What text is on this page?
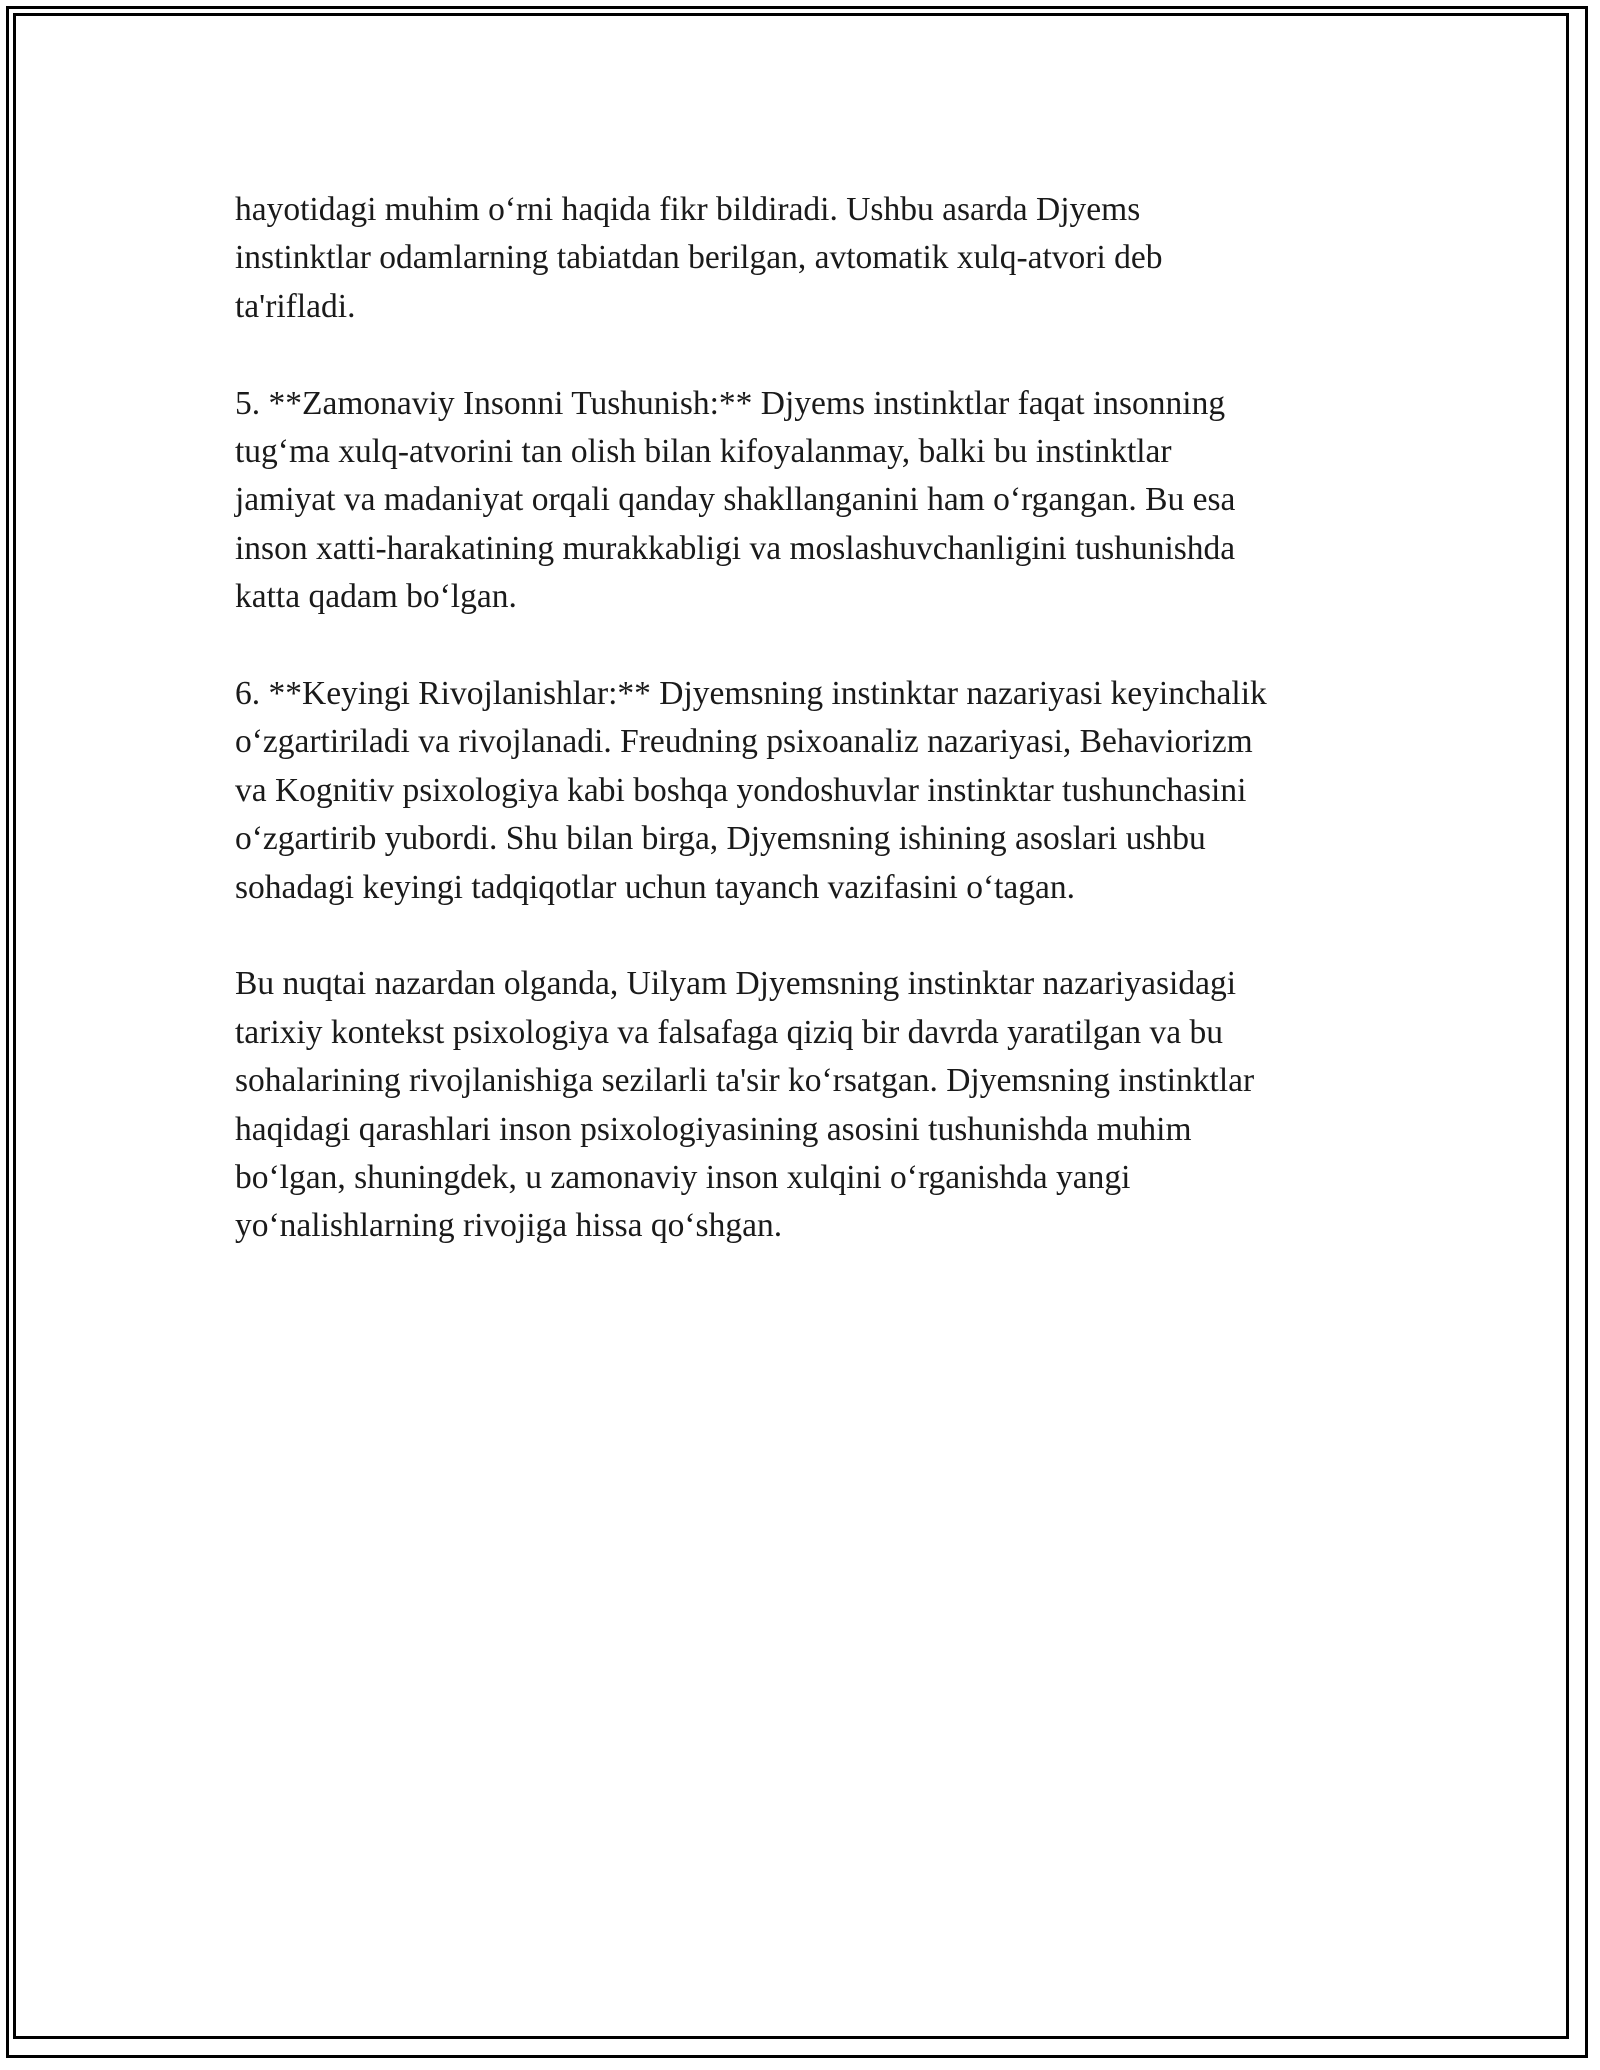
hayotidagi muhim o‘rni haqida fikr bildiradi. Ushbu asarda Djyems
instinktlar odamlarning tabiatdan berilgan, avtomatik xulq-atvori deb
ta'rifladi.

5. **Zamonaviy Insonni Tushunish:** Djyems instinktlar faqat insonning
tug‘ma xulq-atvorini tan olish bilan kifoyalanmay, balki bu instinktlar
jamiyat va madaniyat orqali qanday shakllanganini ham o‘rgangan. Bu esa
inson xatti-harakatining murakkabligi va moslashuvchanligini tushunishda
katta qadam bo‘lgan.

6. **Keyingi Rivojlanishlar:** Djyemsning instinktar nazariyasi keyinchalik
o‘zgartiriladi va rivojlanadi. Freudning psixoanaliz nazariyasi, Behaviorizm
va Kognitiv psixologiya kabi boshqa yondoshuvlar instinktar tushunchasini
o‘zgartirib yubordi. Shu bilan birga, Djyemsning ishining asoslari ushbu
sohadagi keyingi tadqiqotlar uchun tayanch vazifasini o‘tagan.

Bu nuqtai nazardan olganda, Uilyam Djyemsning instinktar nazariyasidagi
tarixiy kontekst psixologiya va falsafaga qiziq bir davrda yaratilgan va bu
sohalarining rivojlanishiga sezilarli ta'sir ko‘rsatgan. Djyemsning instinktlar
haqidagi qarashlari inson psixologiyasining asosini tushunishda muhim
bo‘lgan, shuningdek, u zamonaviy inson xulqini o‘rganishda yangi
yo‘nalishlarning rivojiga hissa qo‘shgan.
